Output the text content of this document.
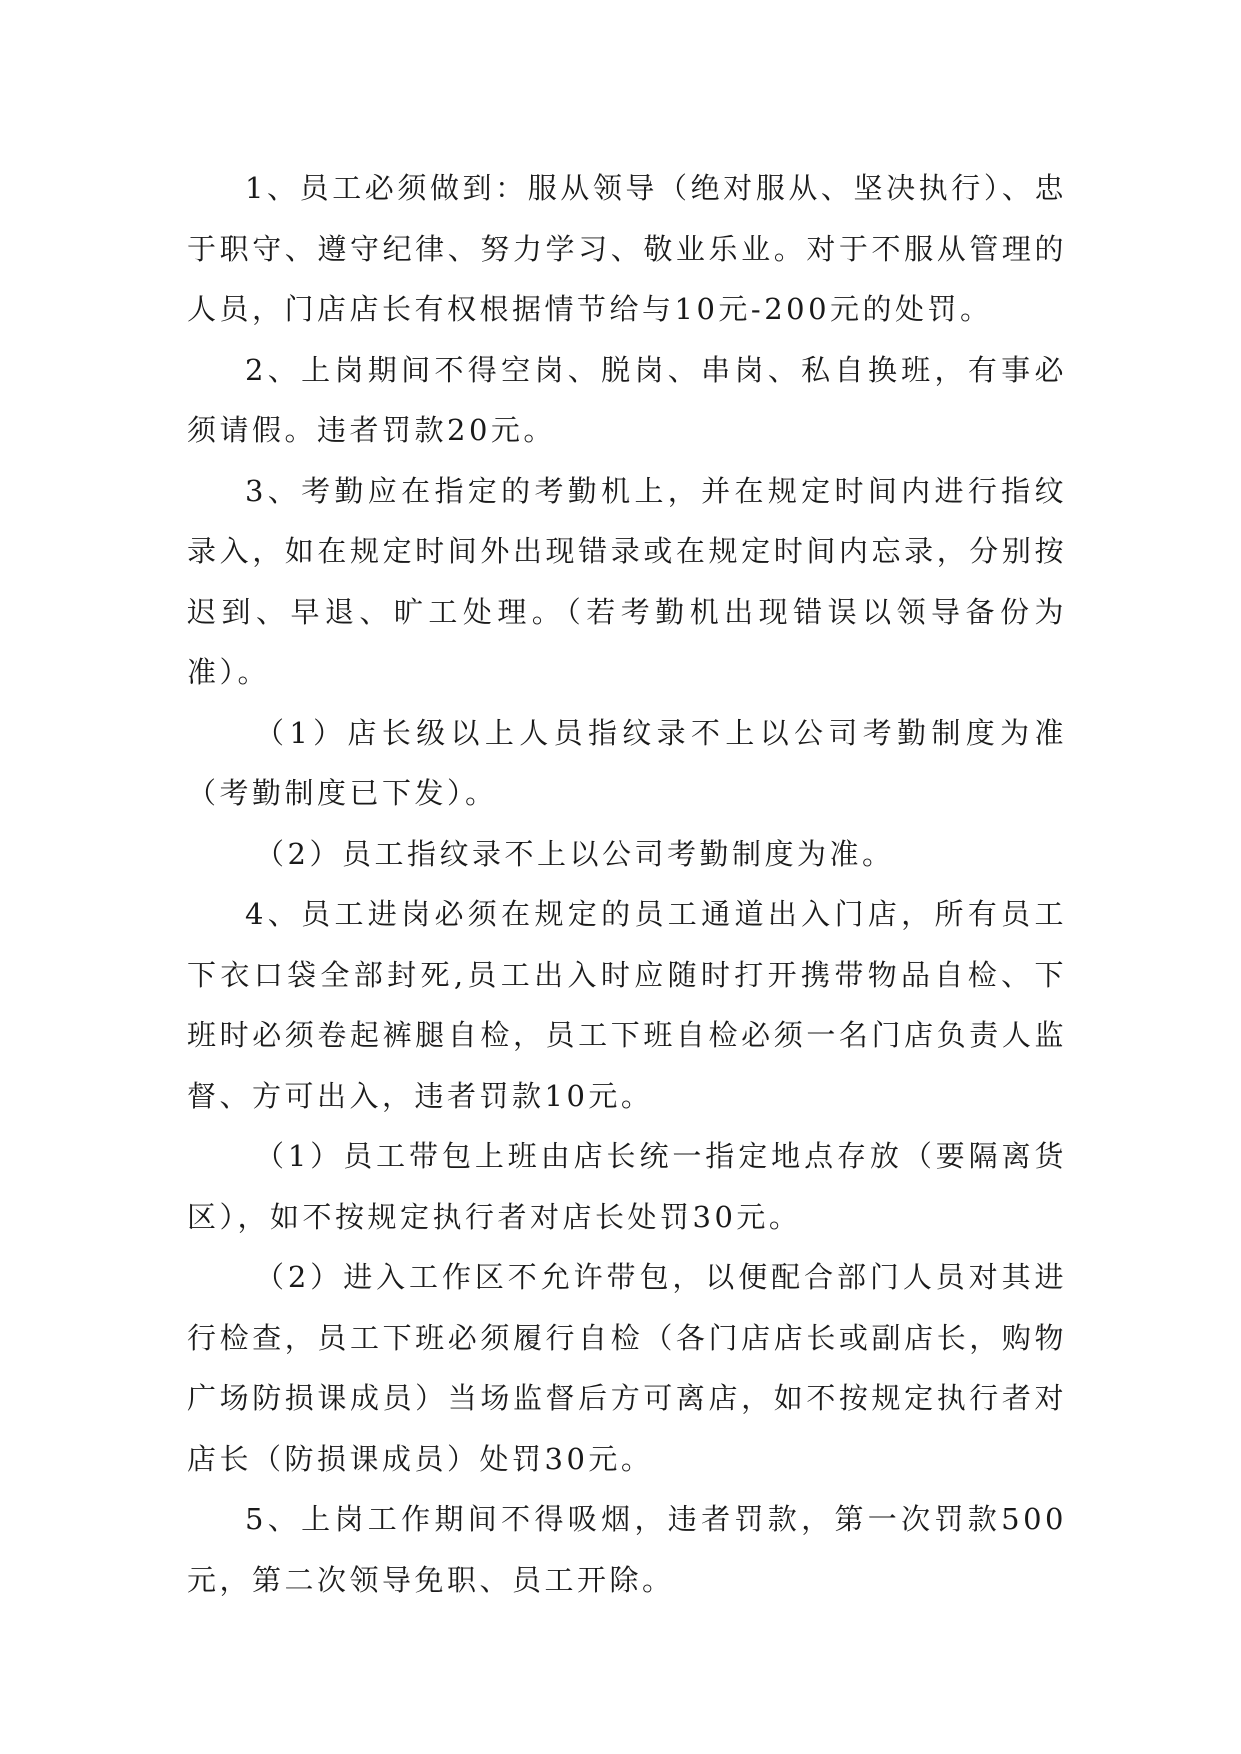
1、员工必须做到：服从领导（绝对服从、坚决执行）、忠于职守、遵守纪律、努力学习、敬业乐业。对于不服从管理的人员，门店店长有权根据情节给与10元-200元的处罚。

2、上岗期间不得空岗、脱岗、串岗、私自换班，有事必须请假。违者罚款20元。

3、考勤应在指定的考勤机上，并在规定时间内进行指纹录入，如在规定时间外出现错录或在规定时间内忘录，分别按迟到、早退、旷工处理。（若考勤机出现错误以领导备份为准）。

（1）店长级以上人员指纹录不上以公司考勤制度为准（考勤制度已下发）。

（2）员工指纹录不上以公司考勤制度为准。

4、员工进岗必须在规定的员工通道出入门店，所有员工下衣口袋全部封死,员工出入时应随时打开携带物品自检、下班时必须卷起裤腿自检，员工下班自检必须一名门店负责人监督、方可出入，违者罚款10元。

（1）员工带包上班由店长统一指定地点存放（要隔离货区），如不按规定执行者对店长处罚30元。

（2）进入工作区不允许带包，以便配合部门人员对其进行检查，员工下班必须履行自检（各门店店长或副店长，购物广场防损课成员）当场监督后方可离店，如不按规定执行者对店长（防损课成员）处罚30元。

5、上岗工作期间不得吸烟，违者罚款，第一次罚款500元，第二次领导免职、员工开除。
